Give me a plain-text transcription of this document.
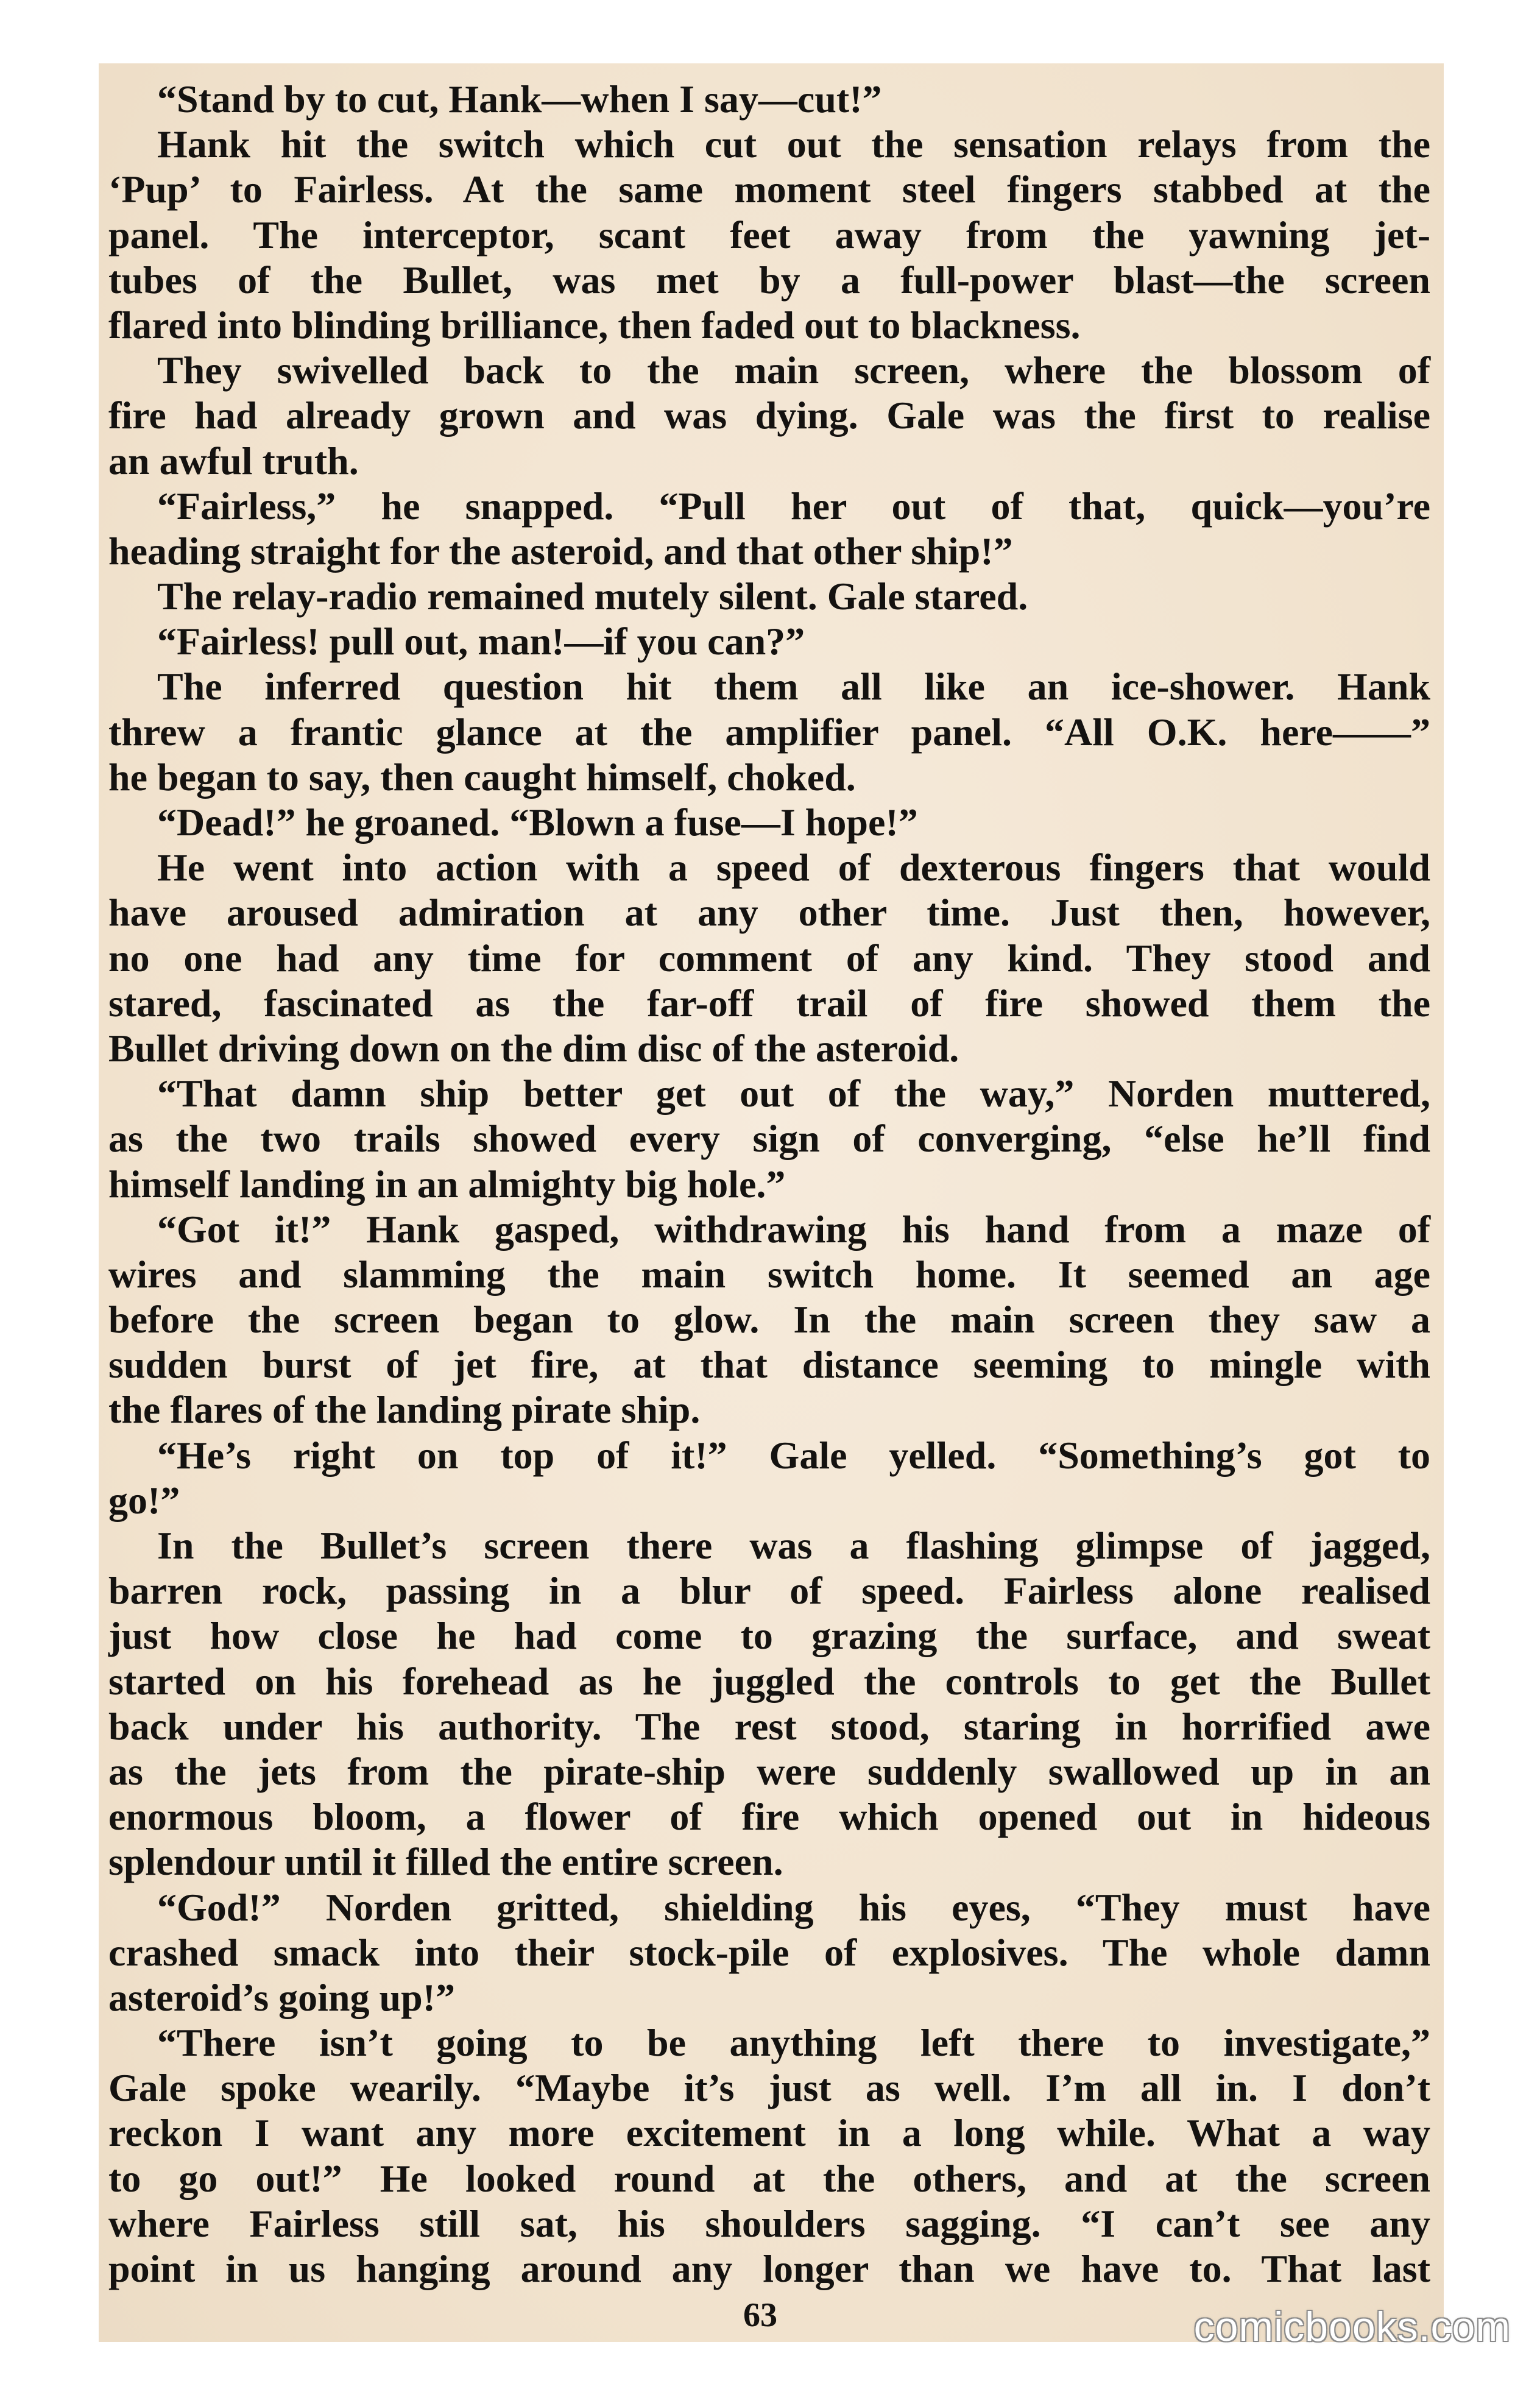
“Stand by to cut, Hank—when I say—cut!”
Hank hit the switch which cut out the sensation relays from the
‘Pup’ to Fairless. At the same moment steel fingers stabbed at the
panel. The interceptor, scant feet away from the yawning jet-
tubes of the Bullet, was met by a full-power blast—the screen
flared into blinding brilliance, then faded out to blackness.
They swivelled back to the main screen, where the blossom of
fire had already grown and was dying. Gale was the first to realise
an awful truth.
“Fairless,” he snapped. “Pull her out of that, quick—you’re
heading straight for the asteroid, and that other ship!”
The relay-radio remained mutely silent. Gale stared.
“Fairless! pull out, man!—if you can?”
The inferred question hit them all like an ice-shower. Hank
threw a frantic glance at the amplifier panel. “All O.K. here——”
he began to say, then caught himself, choked.
“Dead!” he groaned. “Blown a fuse—I hope!”
He went into action with a speed of dexterous fingers that would
have aroused admiration at any other time. Just then, however,
no one had any time for comment of any kind. They stood and
stared, fascinated as the far-off trail of fire showed them the
Bullet driving down on the dim disc of the asteroid.
“That damn ship better get out of the way,” Norden muttered,
as the two trails showed every sign of converging, “else he’ll find
himself landing in an almighty big hole.”
“Got it!” Hank gasped, withdrawing his hand from a maze of
wires and slamming the main switch home. It seemed an age
before the screen began to glow. In the main screen they saw a
sudden burst of jet fire, at that distance seeming to mingle with
the flares of the landing pirate ship.
“He’s right on top of it!” Gale yelled. “Something’s got to
go!”
In the Bullet’s screen there was a flashing glimpse of jagged,
barren rock, passing in a blur of speed. Fairless alone realised
just how close he had come to grazing the surface, and sweat
started on his forehead as he juggled the controls to get the Bullet
back under his authority. The rest stood, staring in horrified awe
as the jets from the pirate-ship were suddenly swallowed up in an
enormous bloom, a flower of fire which opened out in hideous
splendour until it filled the entire screen.
“God!” Norden gritted, shielding his eyes, “They must have
crashed smack into their stock-pile of explosives. The whole damn
asteroid’s going up!”
“There isn’t going to be anything left there to investigate,”
Gale spoke wearily. “Maybe it’s just as well. I’m all in. I don’t
reckon I want any more excitement in a long while. What a way
to go out!” He looked round at the others, and at the screen
where Fairless still sat, his shoulders sagging. “I can’t see any
point in us hanging around any longer than we have to. That last
63	comicbooks.com
